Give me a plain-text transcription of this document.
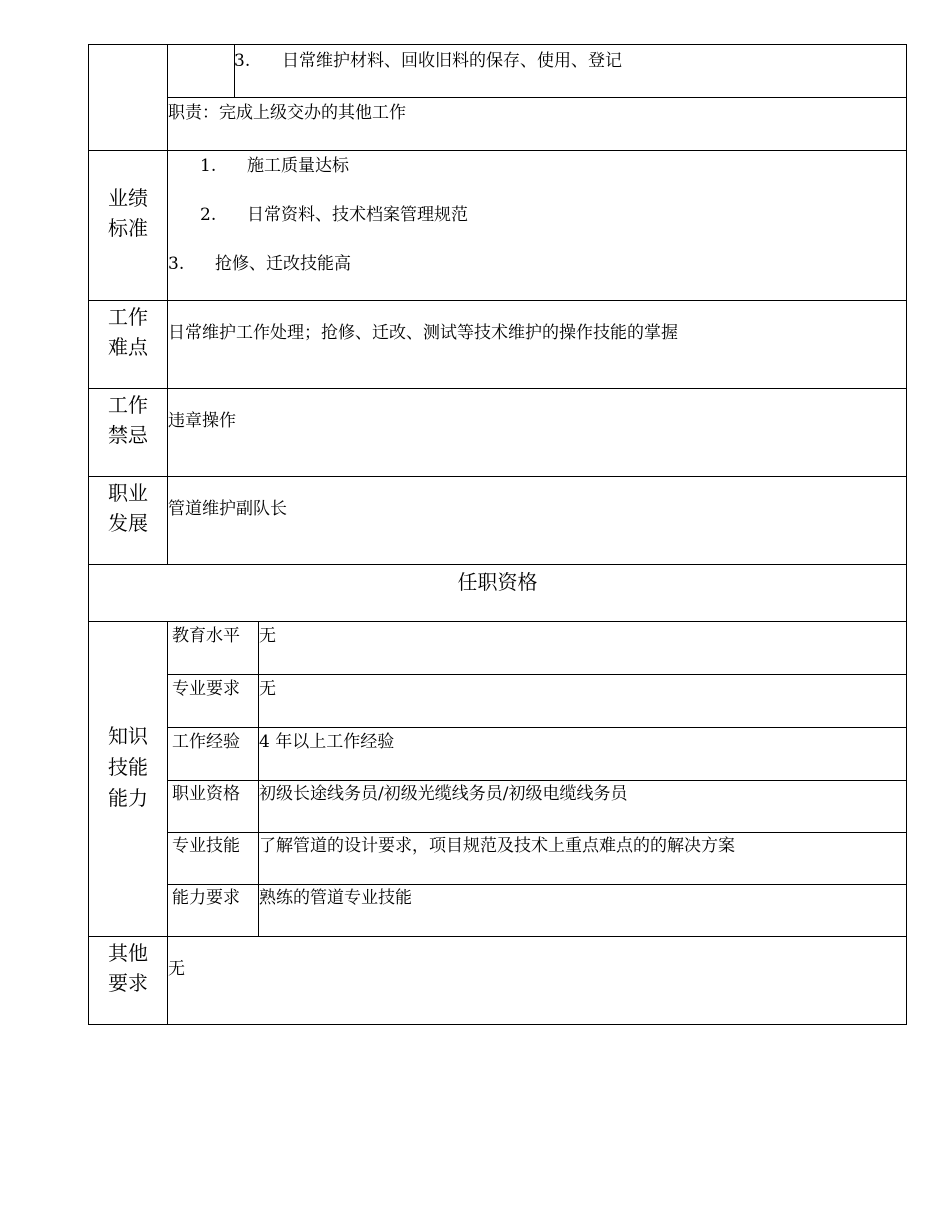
3. 日常维护材料、回收旧料的保存、使用、登记
职责：完成上级交办的其他工作
业绩
标准
1. 施工质量达标
2. 日常资料、技术档案管理规范
3. 抢修、迁改技能高
工作
难点
日常维护工作处理；抢修、迁改、测试等技术维护的操作技能的掌握
工作
禁忌
违章操作
职业
发展
管道维护副队长
任职资格
知识
技能
能力
教育水平 无
专业要求 无
工作经验 4 年以上工作经验
职业资格 初级长途线务员/初级光缆线务员/初级电缆线务员
专业技能 了解管道的设计要求，项目规范及技术上重点难点的的解决方案
能力要求 熟练的管道专业技能
其他
要求
无
